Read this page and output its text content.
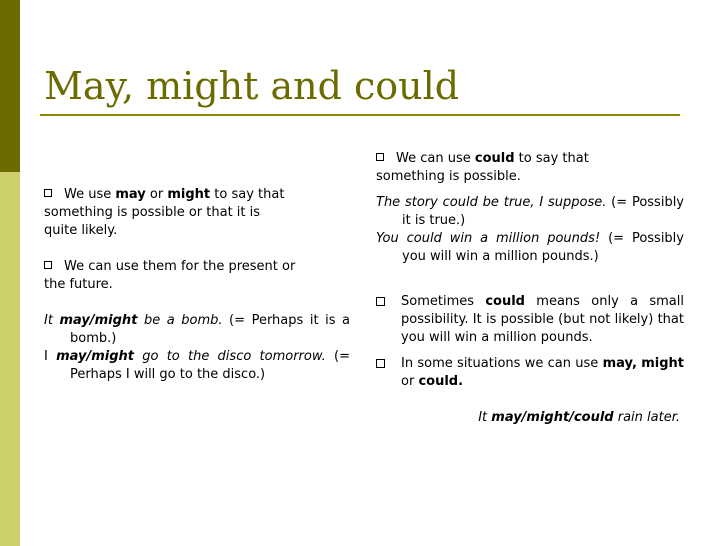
May, might and could

We use may or might to say that

something is possible or that it is

quite likely.

We can use them for the present or

the future.

It may/might be a bomb. (= Perhaps it is a bomb.)

I may/might go to the disco tomorrow. (= Perhaps I will go to the disco.)

We can use could to say that

something is possible.

The story could be true, I suppose. (= Possibly it is true.)

You could win a million pounds! (= Possibly you will win a million pounds.)

Sometimes could means only a small possibility. It is possible (but not likely) that you will win a million pounds.

In some situations we can use may, might or could.

It may/might/could rain later.
